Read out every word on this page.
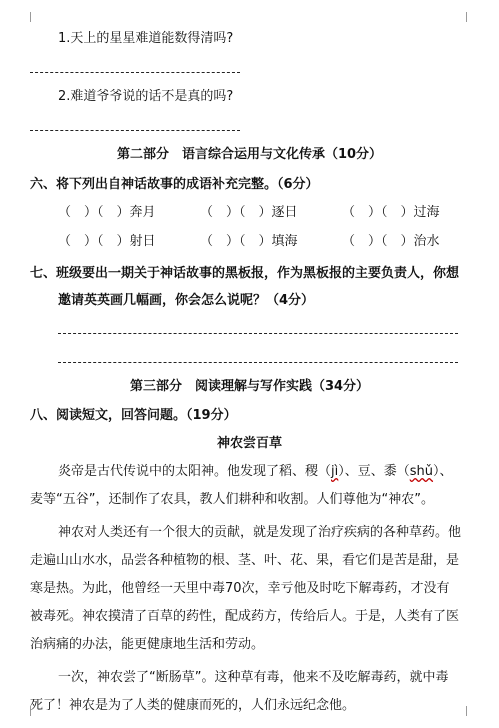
1.天上的星星难道能数得清吗?
2.难道爷爷说的话不是真的吗?
第二部分　语言综合运用与文化传承（10分）
六、将下列出自神话故事的成语补充完整。（6分）
（　）（　）奔月	（　）（　）逐日	（　）（　）过海
（　）（　）射日	（　）（　）填海	（　）（　）治水
七、班级要出一期关于神话故事的黑板报，作为黑板报的主要负责人，你想
邀请英英画几幅画，你会怎么说呢？（4分）
第三部分　阅读理解与写作实践（34分）
八、阅读短文，回答问题。（19分）
神农尝百草
炎帝是古代传说中的太阳神。他发现了稻、稷（jì）、豆、黍（shǔ）、
麦等“五谷”，还制作了农具，教人们耕种和收割。人们尊他为“神农”。
神农对人类还有一个很大的贡献，就是发现了治疗疾病的各种草药。他
走遍山山水水，品尝各种植物的根、茎、叶、花、果，看它们是苦是甜，是
寒是热。为此，他曾经一天里中毒70次，幸亏他及时吃下解毒药，才没有
被毒死。神农摸清了百草的药性，配成药方，传给后人。于是，人类有了医
治病痛的办法，能更健康地生活和劳动。
一次，神农尝了“断肠草”。这种草有毒，他来不及吃解毒药，就中毒
死了！神农是为了人类的健康而死的，人们永远纪念他。
